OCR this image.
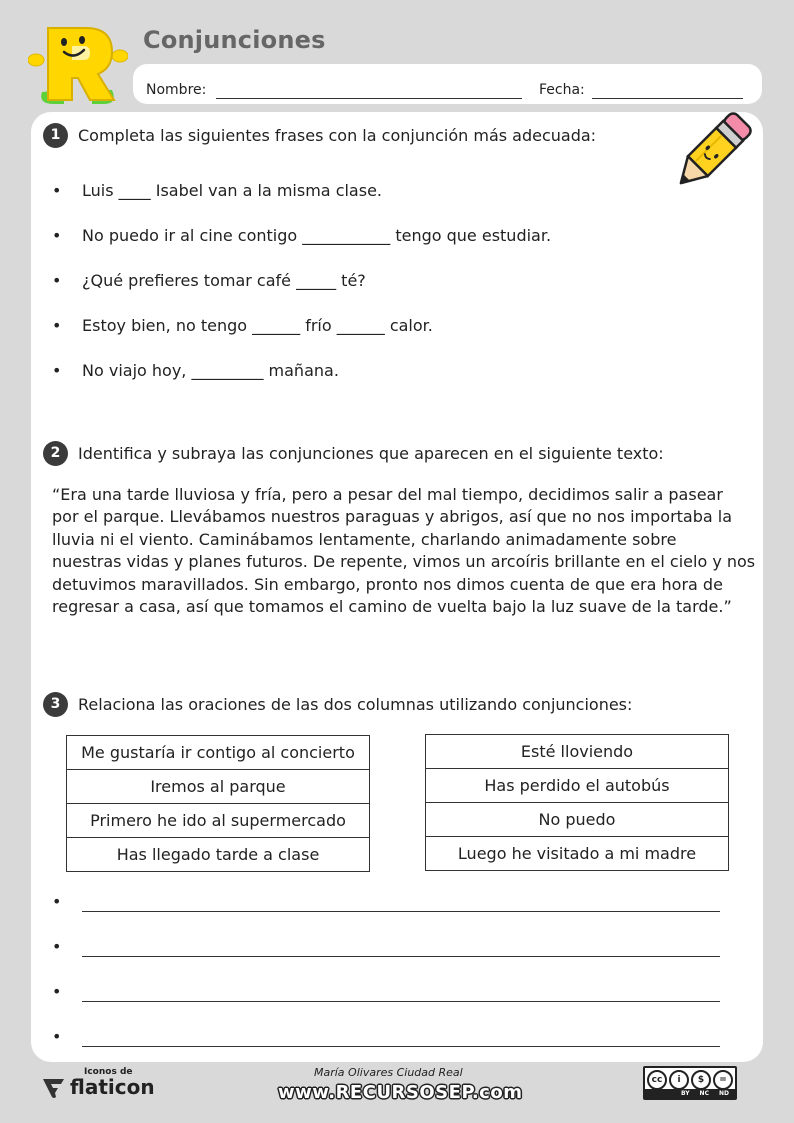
Conjunciones
Nombre:	Fecha:
1	Completa las siguientes frases con la conjunción más adecuada:
• Luis ____ Isabel van a la misma clase.
• No puedo ir al cine contigo ___________ tengo que estudiar.
• ¿Qué prefieres tomar café _____ té?
• Estoy bien, no tengo ______ frío ______ calor.
• No viajo hoy, _________ mañana.
2	Identifica y subraya las conjunciones que aparecen en el siguiente texto:
“Era una tarde lluviosa y fría, pero a pesar del mal tiempo, decidimos salir a pasear
por el parque. Llevábamos nuestros paraguas y abrigos, así que no nos importaba la
lluvia ni el viento. Caminábamos lentamente, charlando animadamente sobre
nuestras vidas y planes futuros. De repente, vimos un arcoíris brillante en el cielo y nos
detuvimos maravillados. Sin embargo, pronto nos dimos cuenta de que era hora de
regresar a casa, así que tomamos el camino de vuelta bajo la luz suave de la tarde.”
3	Relaciona las oraciones de las dos columnas utilizando conjunciones:
Me gustaría ir contigo al concierto
Iremos al parque
Primero he ido al supermercado
Has llegado tarde a clase
Esté lloviendo
Has perdido el autobús
No puedo
Luego he visitado a mi madre
•
•
•
•
Iconos de
flaticon
María Olivares Ciudad Real
www.RECURSOSEP.com
cc	i	$	=
BY NC ND
